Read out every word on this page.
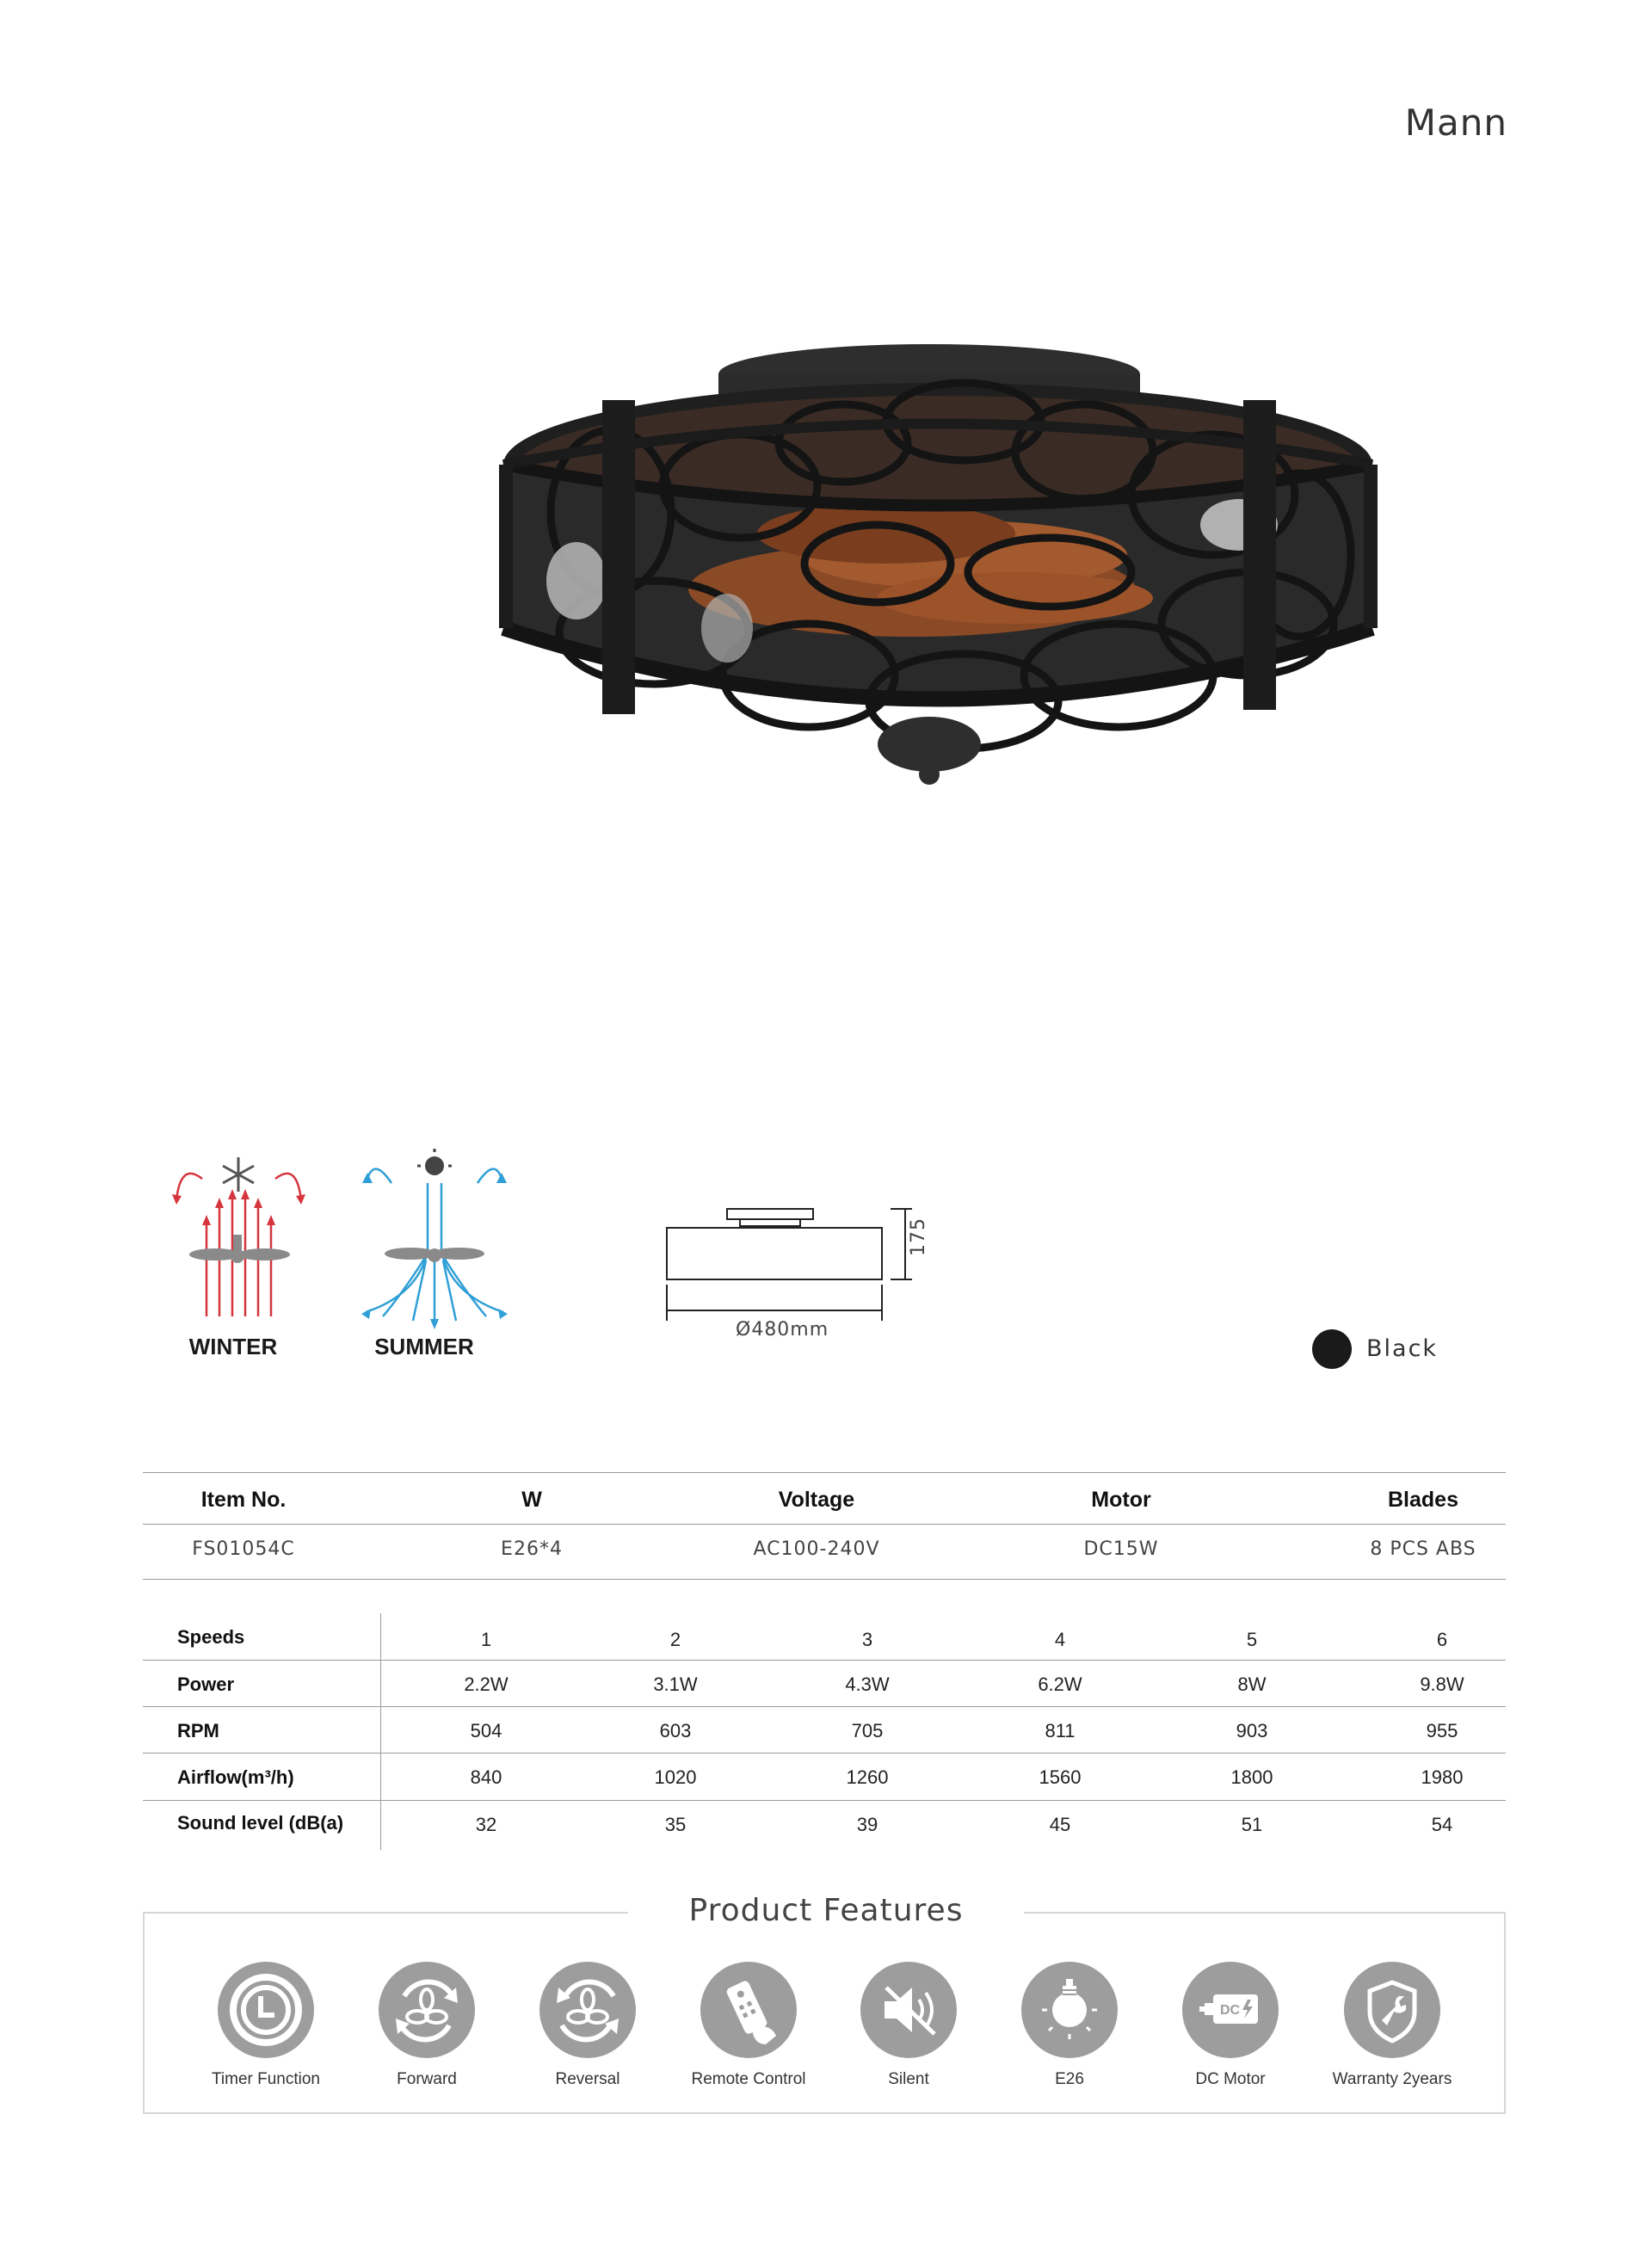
Mann
WINTER	SUMMER
Ø480mm
175
Black
Item No.	W	Voltage	Motor	Blades
FS01054C	E26*4	AC100-240V	DC15W	8 PCS ABS
Speeds	1	2	3	4	5	6
Power	2.2W	3.1W	4.3W	6.2W	8W	9.8W
RPM	504	603	705	811	903	955
Airflow(m³/h)	840	1020	1260	1560	1800	1980
Sound level (dB(a)	32	35	39	45	51	54
Product Features
Timer Function	Forward	Reversal	Remote Control	Silent	E26
DC
DC Motor	Warranty 2years
